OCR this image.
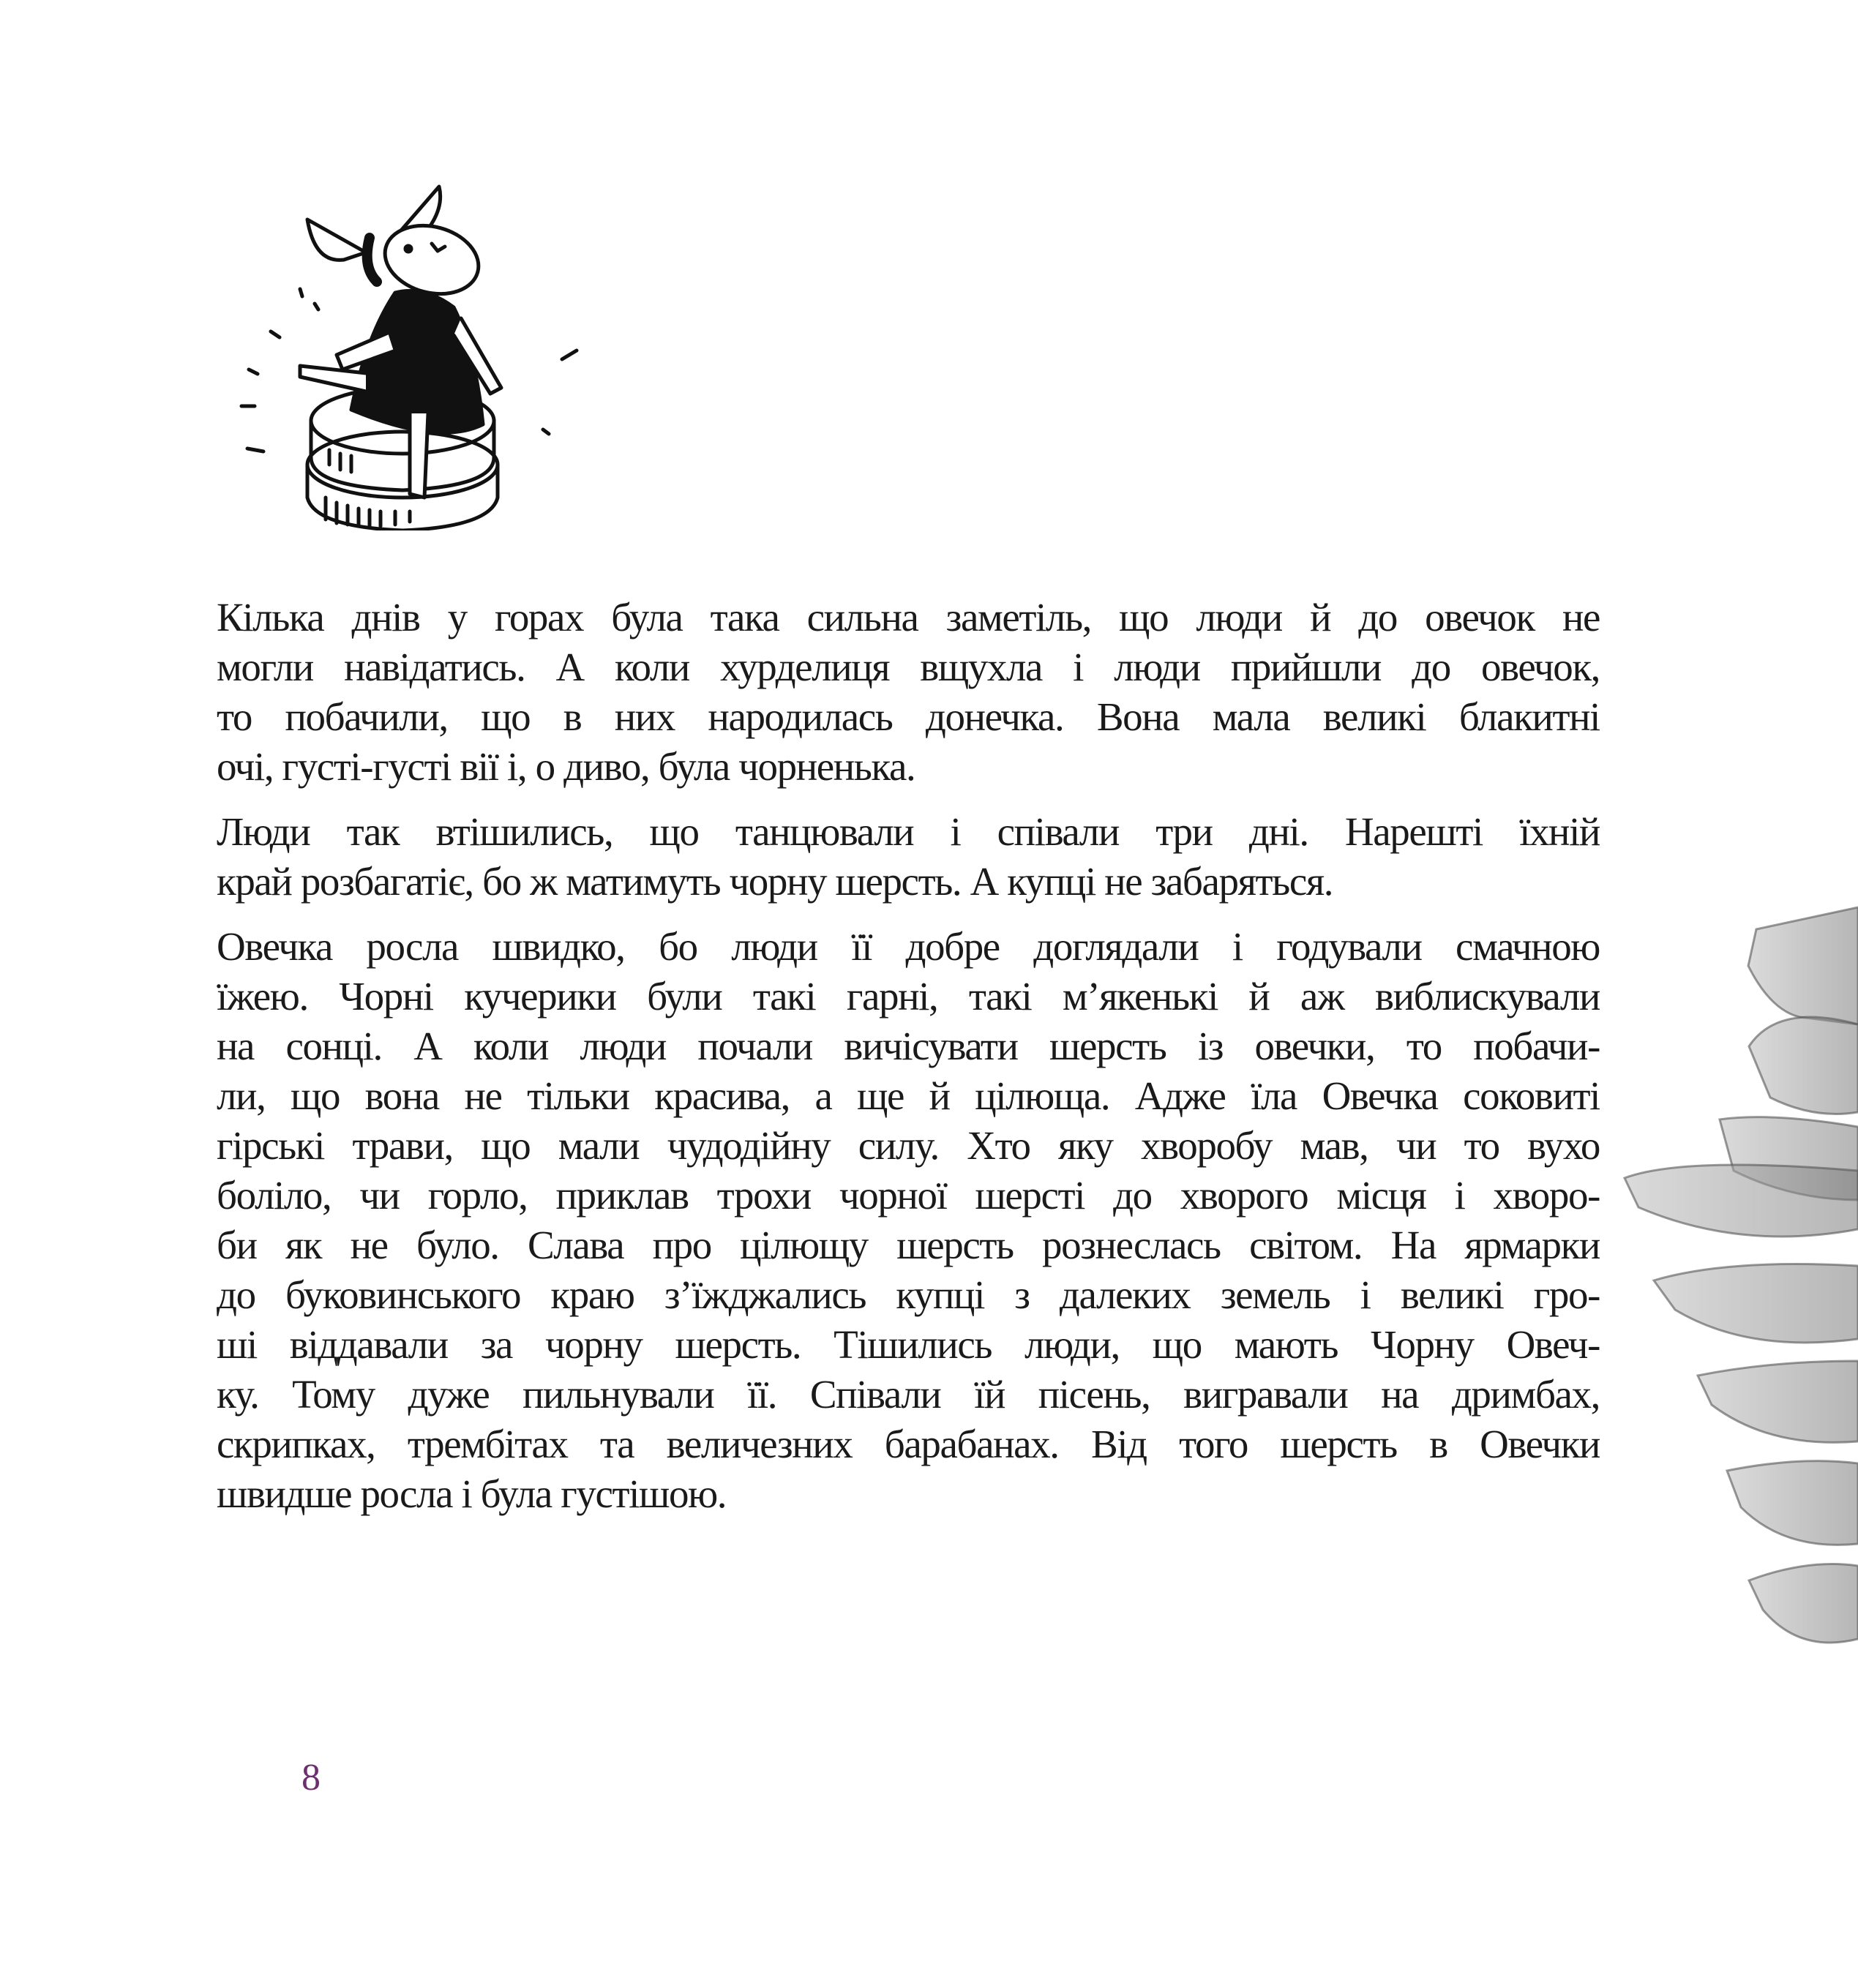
Кілька днів у горах була така сильна заметіль, що люди й до овечок не
могли навідатись. А коли хурделиця вщухла і люди прийшли до овечок,
то побачили, що в них народилась донечка. Вона мала великі блакитні
очі, густі-густі вії і, о диво, була чорненька.

Люди так втішились, що танцювали і співали три дні. Нарешті їхній
край розбагатіє, бо ж матимуть чорну шерсть. А купці не забаряться.

Овечка росла швидко, бо люди її добре доглядали і годували смачною
їжею. Чорні кучерики були такі гарні, такі м’якенькі й аж виблискували
на сонці. А коли люди почали вичісувати шерсть із овечки, то побачи-
ли, що вона не тільки красива, а ще й цілюща. Адже їла Овечка соковиті
гірські трави, що мали чудодійну силу. Хто яку хворобу мав, чи то вухо
боліло, чи горло, приклав трохи чорної шерсті до хворого місця і хворо-
би як не було. Слава про цілющу шерсть рознеслась світом. На ярмарки
до буковинського краю з’їжджались купці з далеких земель і великі гро-
ші віддавали за чорну шерсть. Тішились люди, що мають Чорну Овеч-
ку. Тому дуже пильнували її. Співали їй пісень, вигравали на дримбах,
скрипках, трембітах та величезних барабанах. Від того шерсть в Овечки
швидше росла і була густішою.

8
